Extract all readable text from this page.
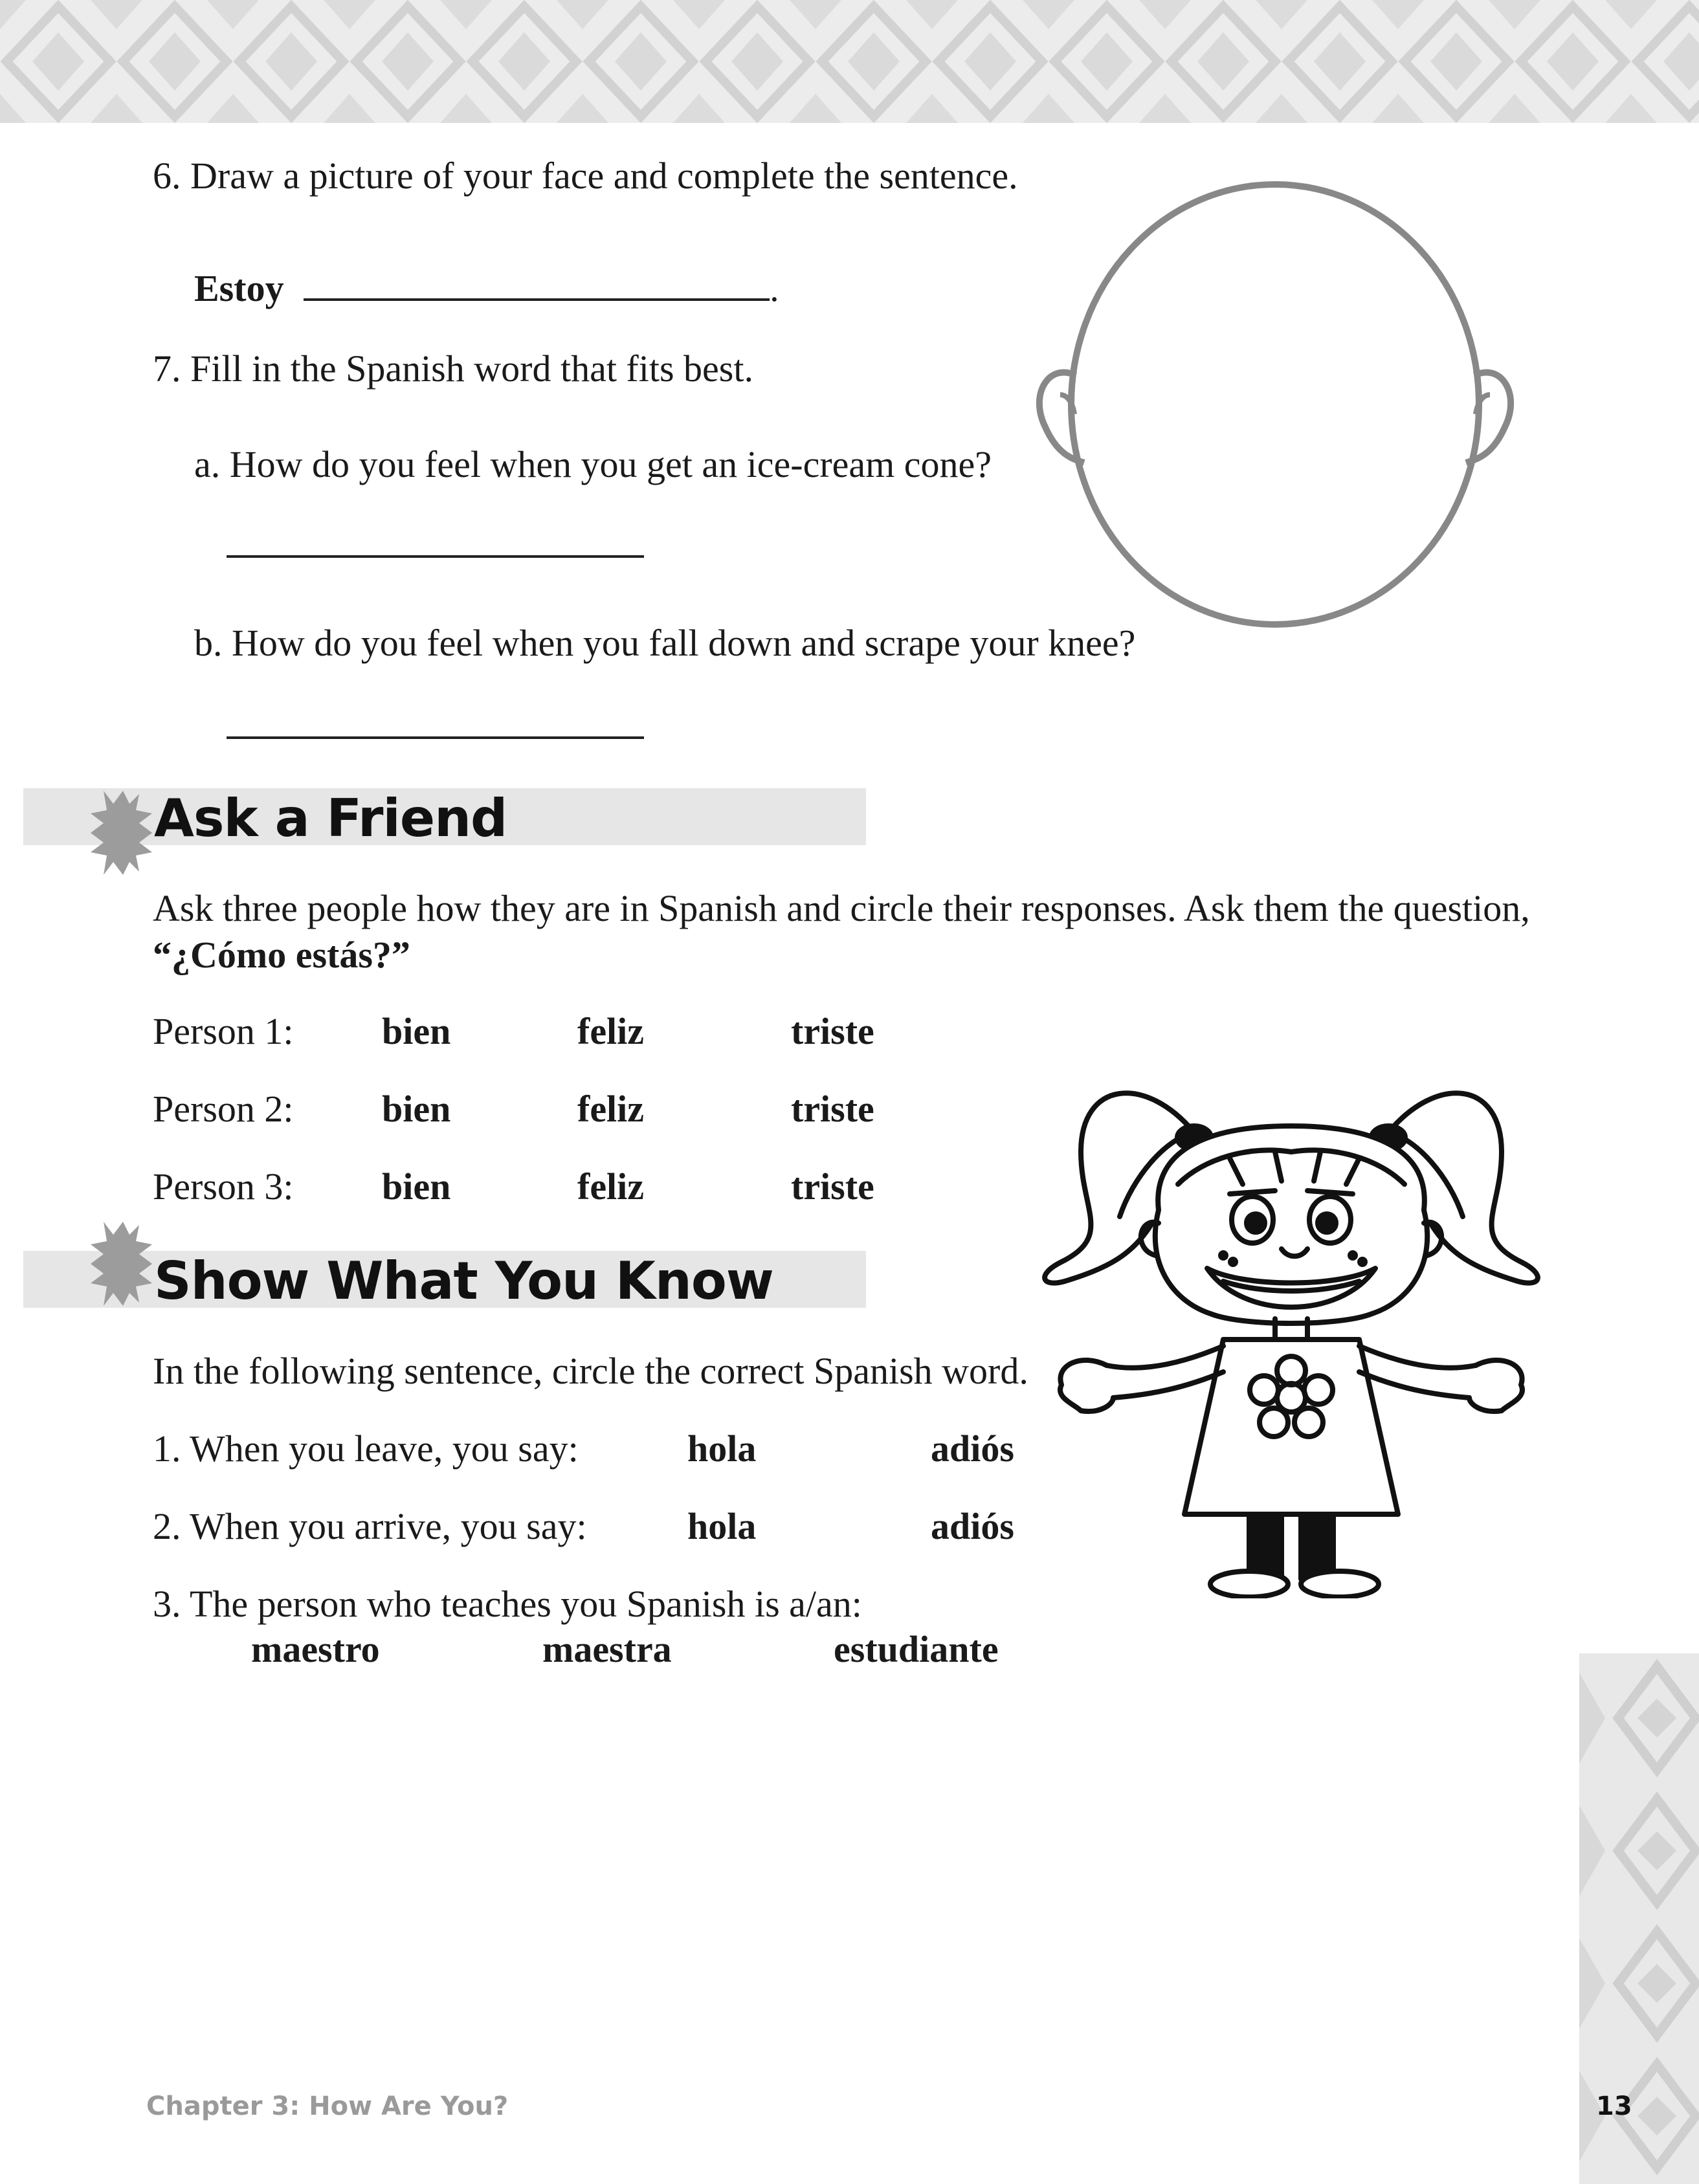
6. Draw a picture of your face and complete the sentence.
Estoy	.
7. Fill in the Spanish word that fits best.
a. How do you feel when you get an ice-cream cone?
b. How do you feel when you fall down and scrape your knee?
Ask a Friend
Ask three people how they are in Spanish and circle their responses. Ask them the question,
“¿Cómo estás?”
Person 1: bien	feliz	triste
Person 2: bien	feliz	triste
Person 3: bien	feliz	triste
Show What You Know
In the following sentence, circle the correct Spanish word.
1. When you leave, you say:	hola	adiós
2. When you arrive, you say:	hola	adiós
3. The person who teaches you Spanish is a/an:
maestro	maestra	estudiante
Chapter 3: How Are You?	13
